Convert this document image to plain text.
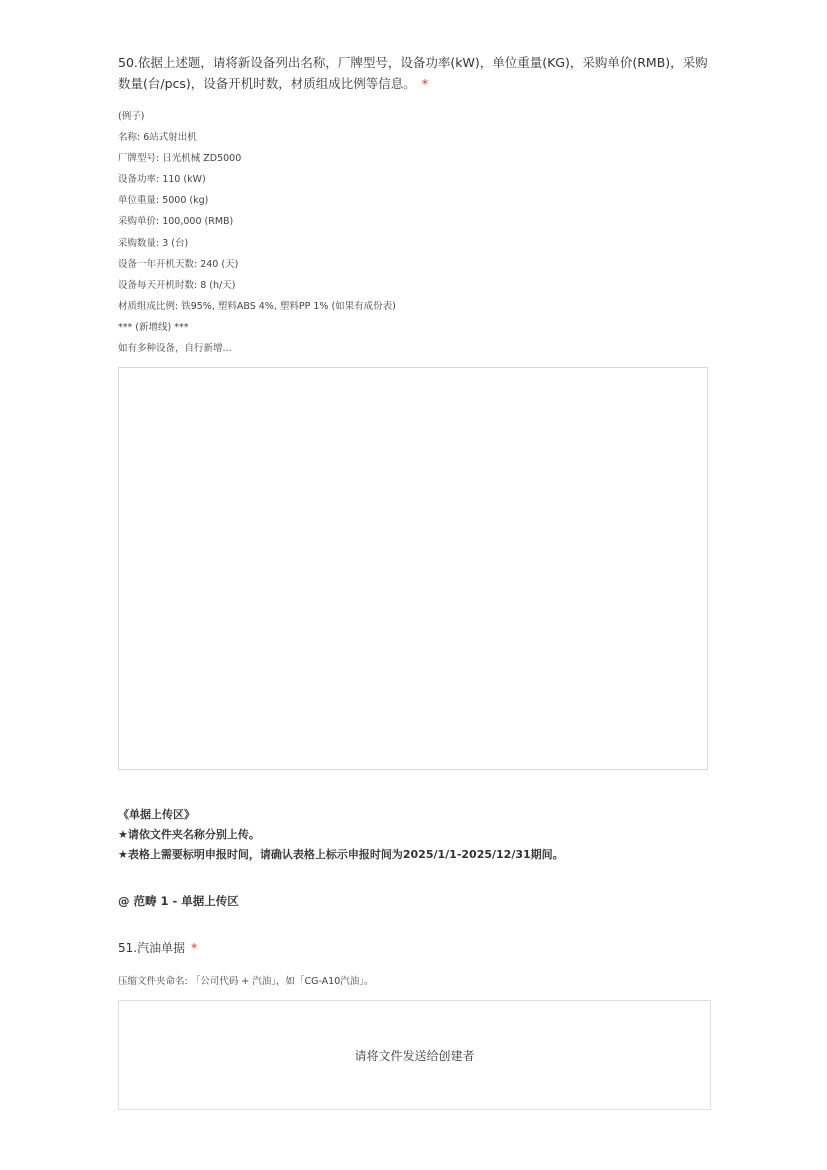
50.依据上述题，请将新设备列出名称，厂牌型号，设备功率(kW)，单位重量(KG)，采购单价(RMB)，采购数量(台/pcs)，设备开机时数，材质组成比例等信息。 *
(例子)
名称: 6站式射出机
厂牌型号: 日光机械 ZD5000
设备功率: 110 (kW)
单位重量: 5000 (kg)
采购单价: 100,000 (RMB)
采购数量: 3 (台)
设备一年开机天数: 240 (天)
设备每天开机时数: 8 (h/天)
材质组成比例: 铁95%, 塑料ABS 4%, 塑料PP 1% (如果有成份表)
*** (新增线) ***
如有多种设备，自行新增...
《单据上传区》
★请依文件夹名称分别上传。
★表格上需要标明申报时间，请确认表格上标示申报时间为2025/1/1-2025/12/31期间。
@ 范畴 1 - 单据上传区
51.汽油单据 *
压缩文件夹命名: 「公司代码 + 汽油」，如「CG-A10汽油」。
请将文件发送给创建者
